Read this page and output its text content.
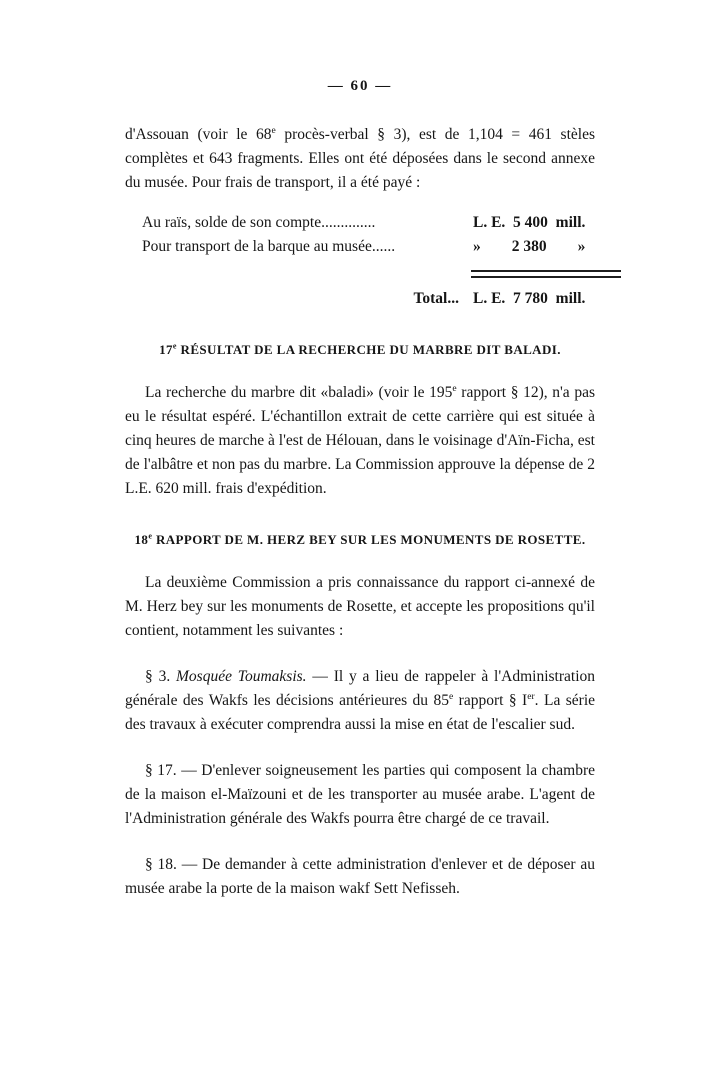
— 60 —

d'Assouan (voir le 68e procès-verbal § 3), est de 1,104 = 461 stèles complètes et 643 fragments. Elles ont été déposées dans le second annexe du musée. Pour frais de transport, il a été payé :

Au raïs, solde de son compte..............	L. E.  5 400  mill.
Pour transport de la barque au musée......	»        2 380        »
Total... L. E.  7 780  mill.
17e RÉSULTAT DE LA RECHERCHE DU MARBRE DIT BALADI.

La recherche du marbre dit «baladi» (voir le 195e rapport § 12), n'a pas eu le résultat espéré. L'échantillon extrait de cette carrière qui est située à cinq heures de marche à l'est de Hélouan, dans le voisinage d'Aïn-Ficha, est de l'albâtre et non pas du marbre. La Commission approuve la dépense de 2 L.E. 620 mill. frais d'expédition.

18e RAPPORT DE M. HERZ BEY SUR LES MONUMENTS DE ROSETTE.

La deuxième Commission a pris connaissance du rapport ci-annexé de M. Herz bey sur les monuments de Rosette, et accepte les propositions qu'il contient, notamment les suivantes :

§ 3. Mosquée Toumaksis. — Il y a lieu de rappeler à l'Administration générale des Wakfs les décisions antérieures du 85e rapport § Ier. La série des travaux à exécuter comprendra aussi la mise en état de l'escalier sud.

§ 17. — D'enlever soigneusement les parties qui composent la chambre de la maison el-Maïzouni et de les transporter au musée arabe. L'agent de l'Administration générale des Wakfs pourra être chargé de ce travail.

§ 18. — De demander à cette administration d'enlever et de déposer au musée arabe la porte de la maison wakf Sett Nefisseh.
